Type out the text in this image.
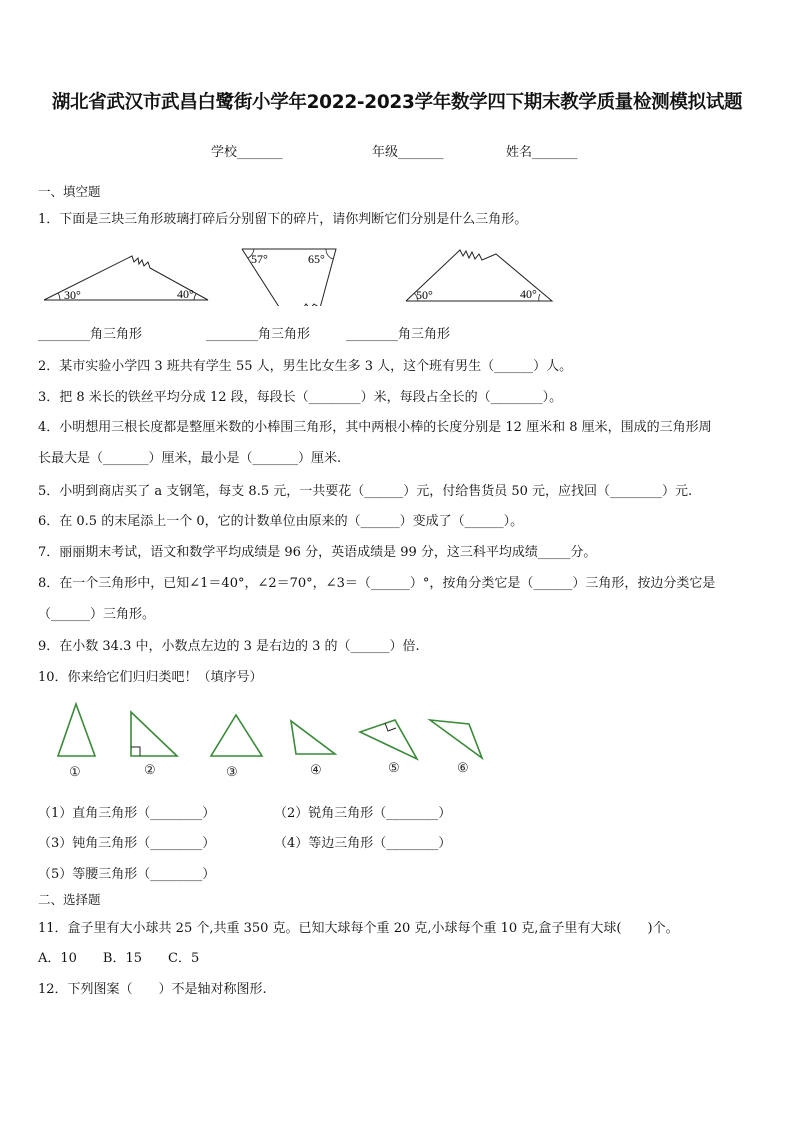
湖北省武汉市武昌白鹭街小学年2022-2023学年数学四下期末教学质量检测模拟试题
学校_______	年级_______	姓名_______
一、填空题
1．下面是三块三角形玻璃打碎后分别留下的碎片，请你判断它们分别是什么三角形。
30°	40°
57°	65°
50°	40°
________角三角形	________角三角形	________角三角形
2．某市实验小学四 3 班共有学生 55 人，男生比女生多 3 人，这个班有男生（______）人。
3．把 8 米长的铁丝平均分成 12 段，每段长（________）米，每段占全长的（________）。
4．小明想用三根长度都是整厘米数的小棒围三角形，其中两根小棒的长度分别是 12 厘米和 8 厘米，围成的三角形周
长最大是（_______）厘米，最小是（_______）厘米.
5．小明到商店买了 a 支钢笔，每支 8.5 元，一共要花（______）元，付给售货员 50 元，应找回（________）元.
6．在 0.5 的末尾添上一个 0，它的计数单位由原来的（______）变成了（______）。
7．丽丽期末考试，语文和数学平均成绩是 96 分，英语成绩是 99 分，这三科平均成绩_____分。
8．在一个三角形中，已知∠1＝40°，∠2＝70°，∠3＝（______）°，按角分类它是（______）三角形，按边分类它是
（______）三角形。
9．在小数 34.3 中，小数点左边的 3 是右边的 3 的（______）倍.
10．你来给它们归归类吧！（填序号）
①	②	③	④	⑤	⑥
（1）直角三角形（________）	（2）锐角三角形（________）
（3）钝角三角形（________）	（4）等边三角形（________）
（5）等腰三角形（________）
二、选择题
11．盒子里有大小球共 25 个,共重 350 克。已知大球每个重 20 克,小球每个重 10 克,盒子里有大球(　　)个。
A．10　　B．15　　C．5
12．下列图案（　　）不是轴对称图形.
